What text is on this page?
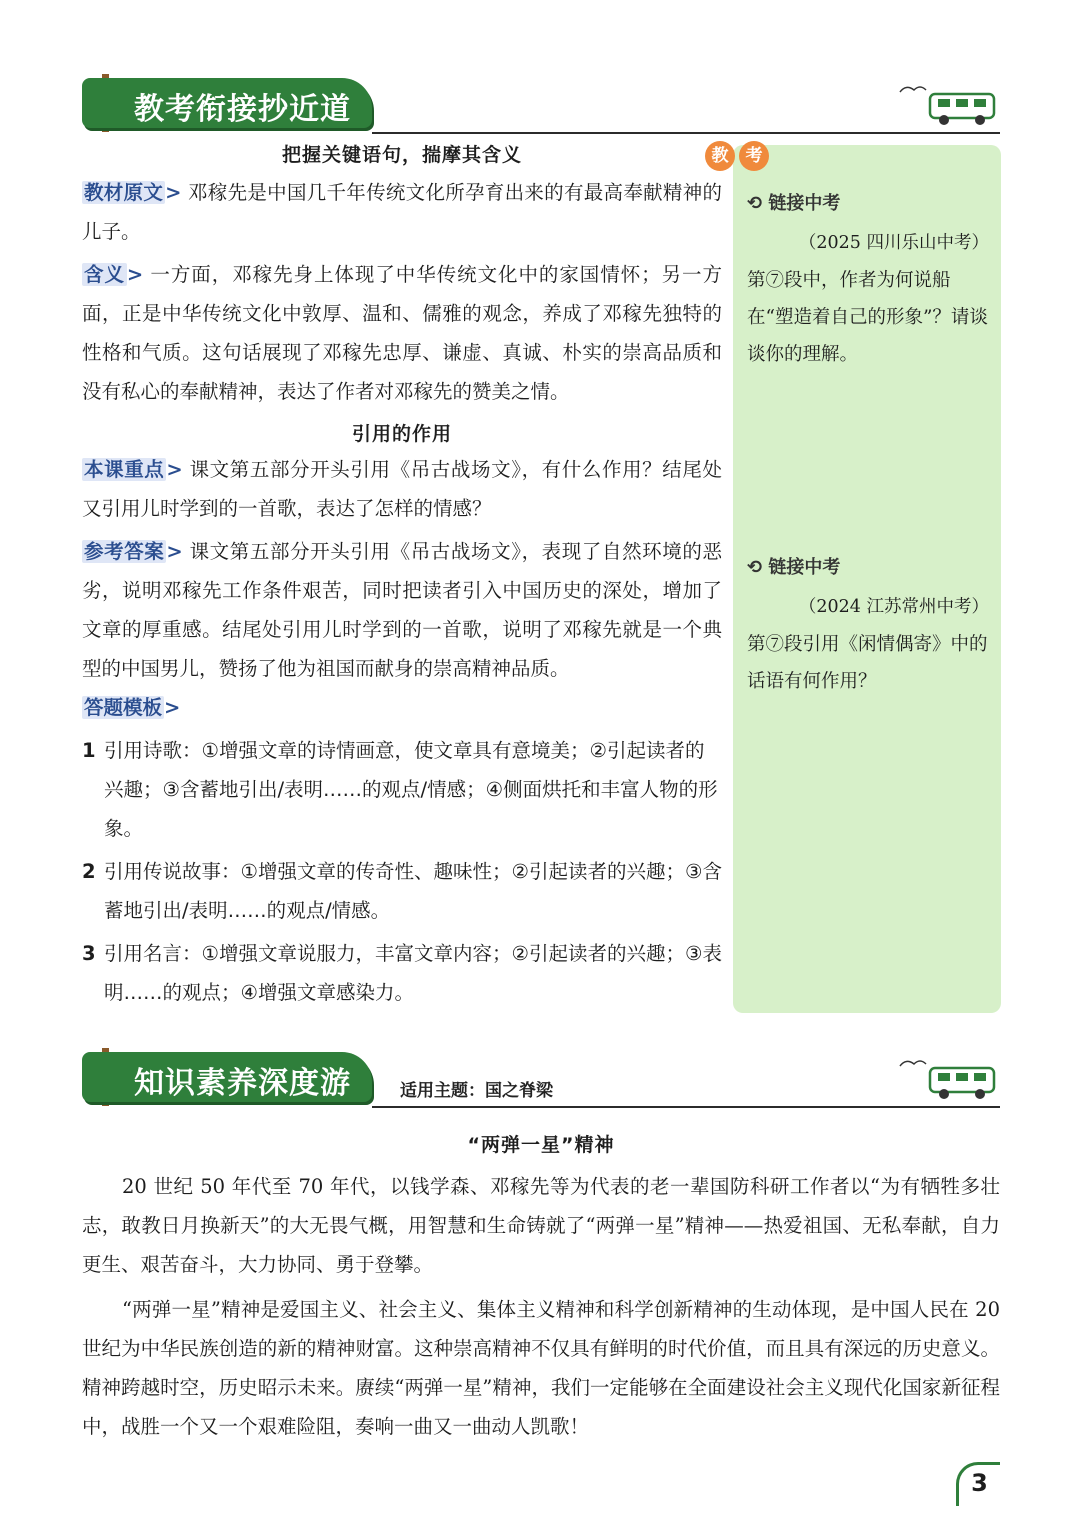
教考衔接抄近道
把握关键语句，揣摩其含义

教材原文 > 邓稼先是中国几千年传统文化所孕育出来的有最高奉献精神的儿子。

含义 > 一方面，邓稼先身上体现了中华传统文化中的家国情怀；另一方面，正是中华传统文化中敦厚、温和、儒雅的观念，养成了邓稼先独特的性格和气质。这句话展现了邓稼先忠厚、谦虚、真诚、朴实的崇高品质和没有私心的奉献精神，表达了作者对邓稼先的赞美之情。

引用的作用

本课重点 > 课文第五部分开头引用《吊古战场文》，有什么作用？结尾处又引用儿时学到的一首歌，表达了怎样的情感？

参考答案 > 课文第五部分开头引用《吊古战场文》，表现了自然环境的恶劣，说明邓稼先工作条件艰苦，同时把读者引入中国历史的深处，增加了文章的厚重感。结尾处引用儿时学到的一首歌，说明了邓稼先就是一个典型的中国男儿，赞扬了他为祖国而献身的崇高精神品质。

答题模板 >

1 引用诗歌：①增强文章的诗情画意，使文章具有意境美；②引起读者的兴趣；③含蓄地引出/表明……的观点/情感；④侧面烘托和丰富人物的形象。

2 引用传说故事：①增强文章的传奇性、趣味性；②引起读者的兴趣；③含蓄地引出/表明……的观点/情感。

3 引用名言：①增强文章说服力，丰富文章内容；②引起读者的兴趣；③表明……的观点；④增强文章感染力。

教	考
⟲ 链接中考
（2025 四川乐山中考）
第⑦段中，作者为何说船在“塑造着自己的形象”？请谈谈你的理解。
⟲ 链接中考
（2024 江苏常州中考）
第⑦段引用《闲情偶寄》中的话语有何作用？
知识素养深度游	适用主题：国之脊梁
“两弹一星”精神

20 世纪 50 年代至 70 年代，以钱学森、邓稼先等为代表的老一辈国防科研工作者以“为有牺牲多壮志，敢教日月换新天”的大无畏气概，用智慧和生命铸就了“两弹一星”精神——热爱祖国、无私奉献，自力更生、艰苦奋斗，大力协同、勇于登攀。

“两弹一星”精神是爱国主义、社会主义、集体主义精神和科学创新精神的生动体现，是中国人民在 20 世纪为中华民族创造的新的精神财富。这种崇高精神不仅具有鲜明的时代价值，而且具有深远的历史意义。精神跨越时空，历史昭示未来。赓续“两弹一星”精神，我们一定能够在全面建设社会主义现代化国家新征程中，战胜一个又一个艰难险阻，奏响一曲又一曲动人凯歌！

3
